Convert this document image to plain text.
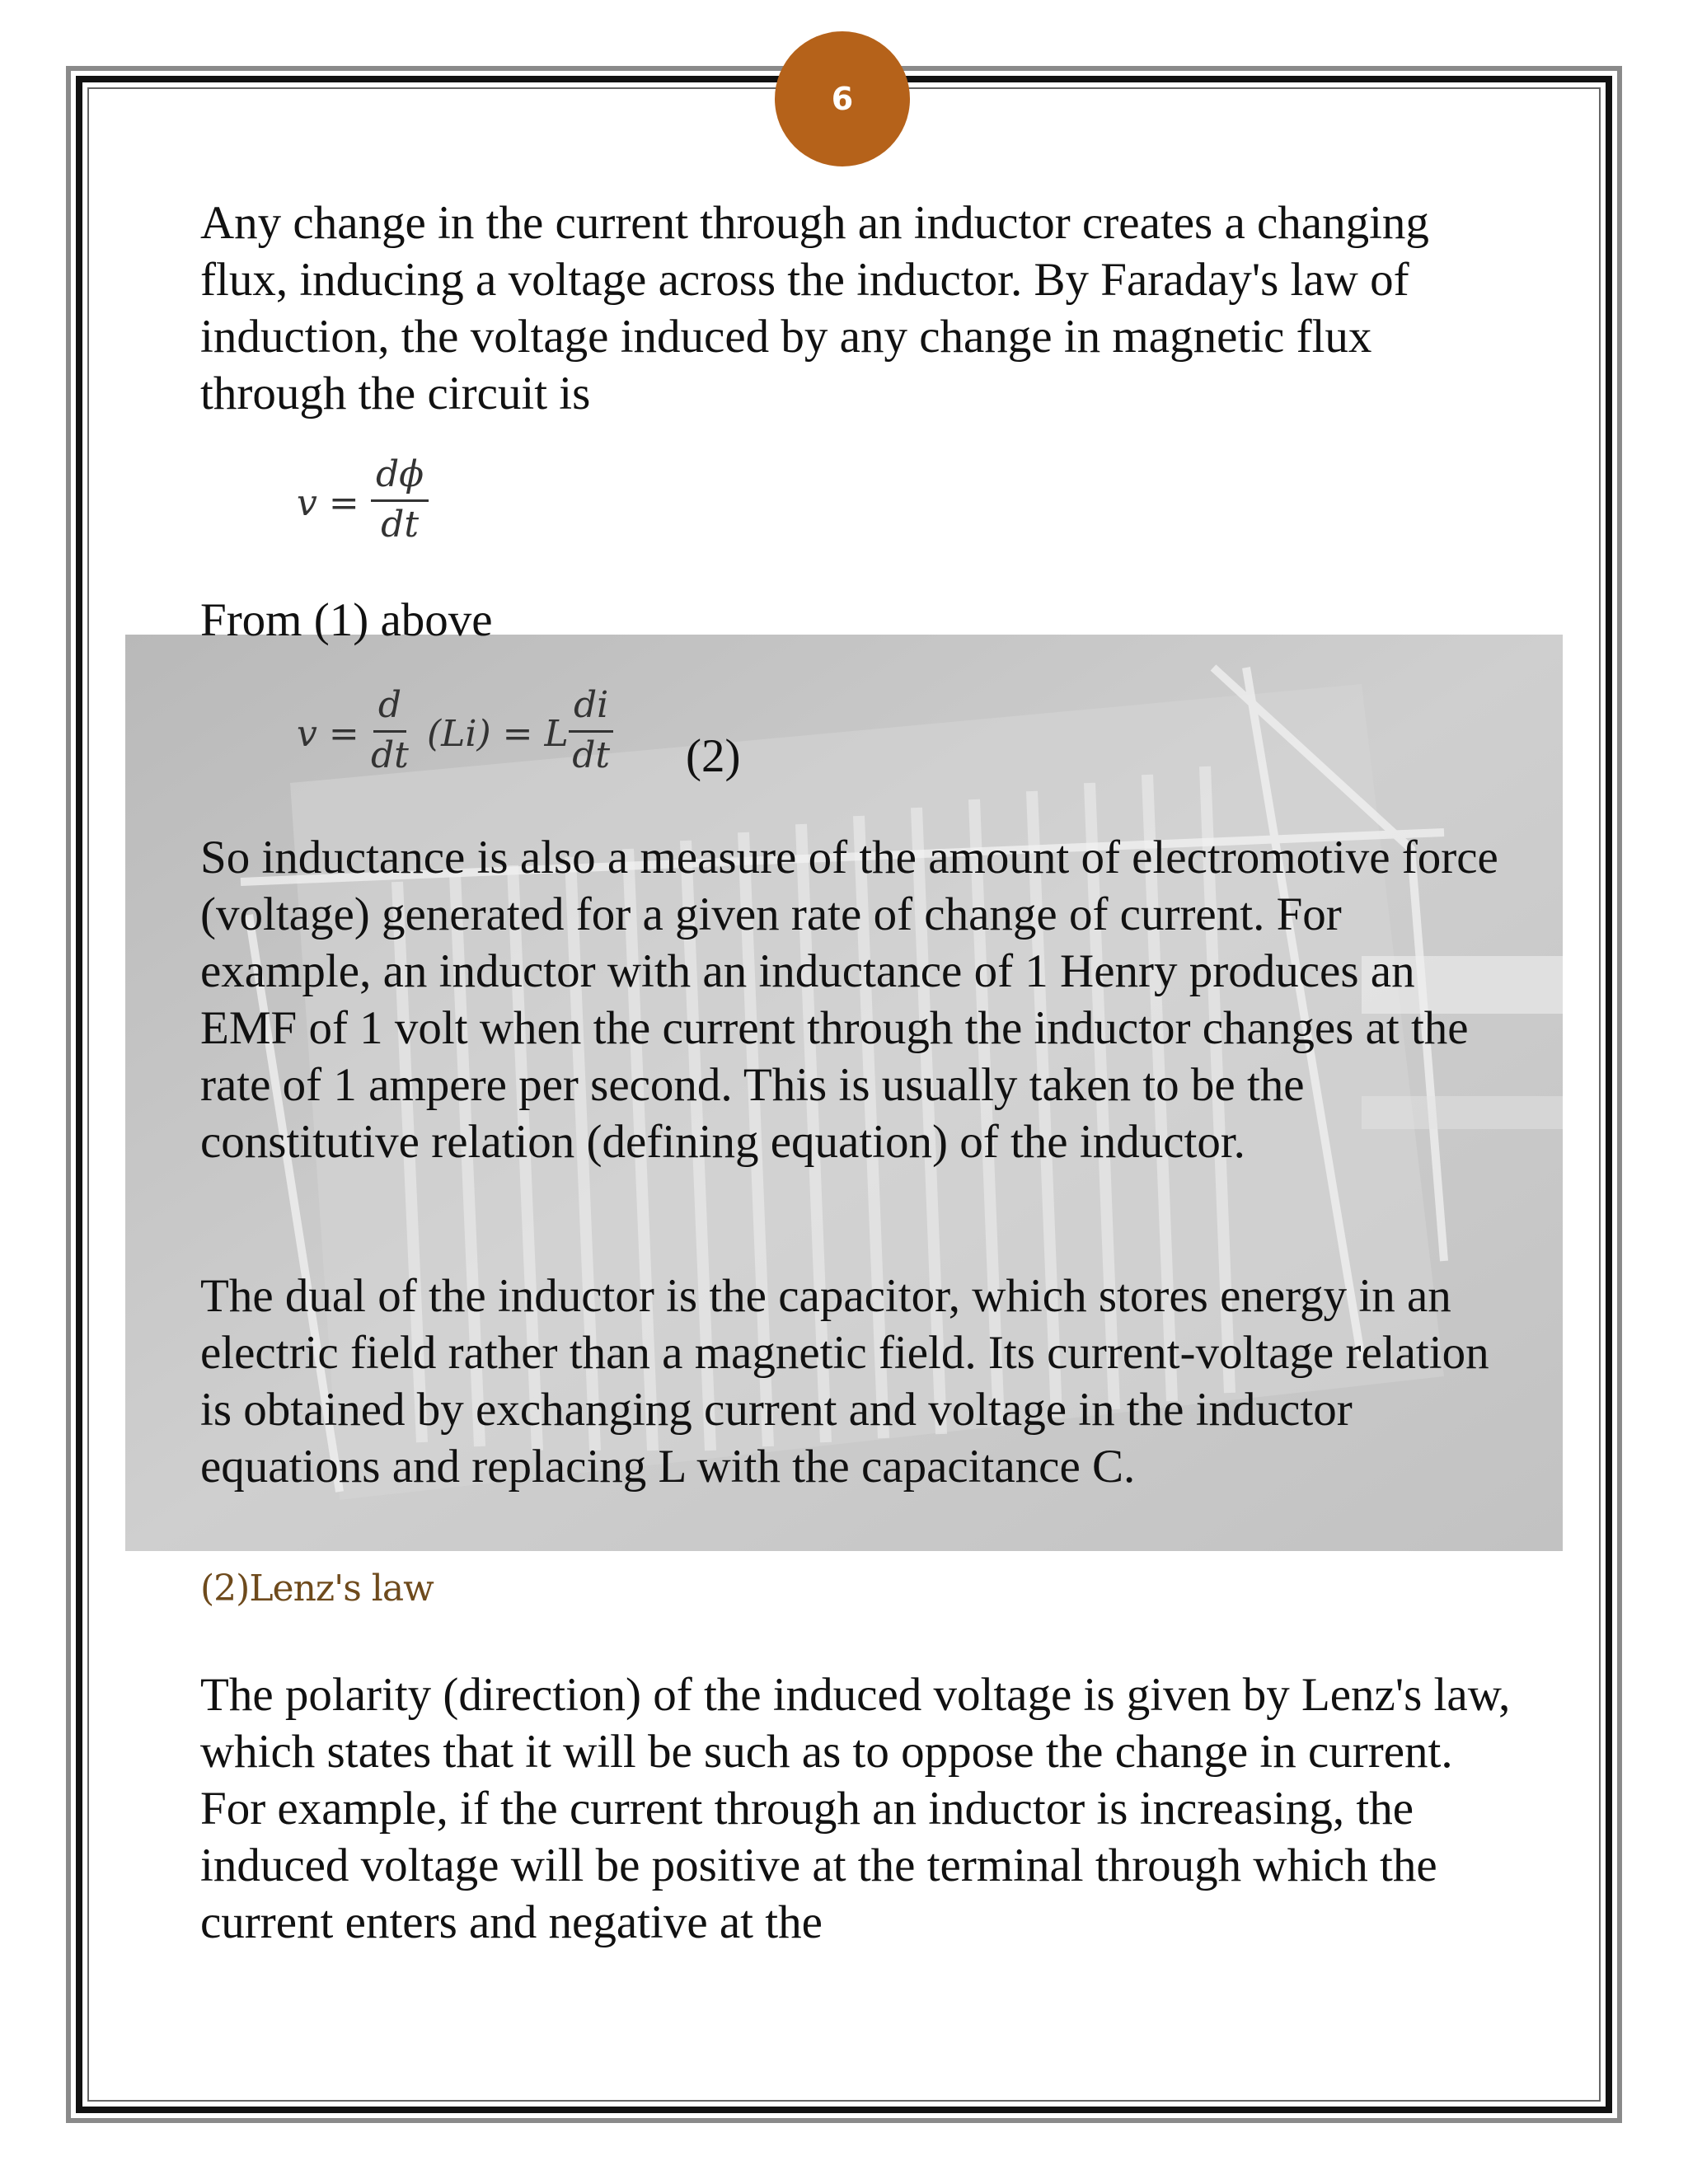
6

Any change in the current through an inductor creates a changing flux, inducing a voltage across the inductor. By Faraday's law of induction, the voltage induced by any change in magnetic flux through the circuit is

$v = \frac{d\phi}{dt}$

From (1) above

$v = \frac{d}{dt} (Li) = L \frac{di}{dt} (2)$

So inductance is also a measure of the amount of electromotive force (voltage) generated for a given rate of change of current. For example, an inductor with an inductance of 1 Henry produces an EMF of 1 volt when the current through the inductor changes at the rate of 1 ampere per second. This is usually taken to be the constitutive relation (defining equation) of the inductor.

The dual of the inductor is the capacitor, which stores energy in an electric field rather than a magnetic field. Its current-voltage relation is obtained by exchanging current and voltage in the inductor equations and replacing L with the capacitance C.

(2)Lenz's law

The polarity (direction) of the induced voltage is given by Lenz's law, which states that it will be such as to oppose the change in current. For example, if the current through an inductor is increasing, the induced voltage will be positive at the terminal through which the current enters and negative at the
